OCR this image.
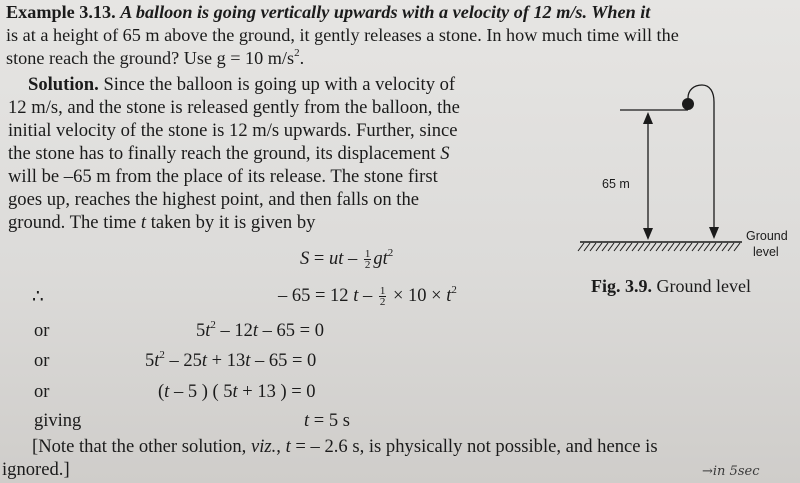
Example 3.13. A balloon is going vertically upwards with a velocity of 12 m/s. When it
is at a height of 65 m above the ground, it gently releases a stone. In how much time will the
stone reach the ground? Use g = 10 $m/s^2$.
Solution. Since the balloon is going up with a velocity of
12 m/s, and the stone is released gently from the balloon, the
initial velocity of the stone is 12 m/s upwards. Further, since
the stone has to finally reach the ground, its displacement S
will be –65 m from the place of its release. The stone first
goes up, reaches the highest point, and then falls on the
ground. The time t taken by it is given by
S = ut – $\frac{1}{2} gt^2$
∴	– 65 = 12 $t - \frac{1}{2} \times 10 \times t^2$
or	$5t^2 - 12t - 65 = 0$
or	$5t^2 - 25t + 13t - 65 = 0$
or	(t – 5 ) ( 5t + 13 ) = 0
giving	t = 5 s
[Note that the other solution, viz., t = – 2.6 s, is physically not possible, and hence is
ignored.]
65 m
Ground
level
Fig. 3.9. Ground level
→in 5sec
